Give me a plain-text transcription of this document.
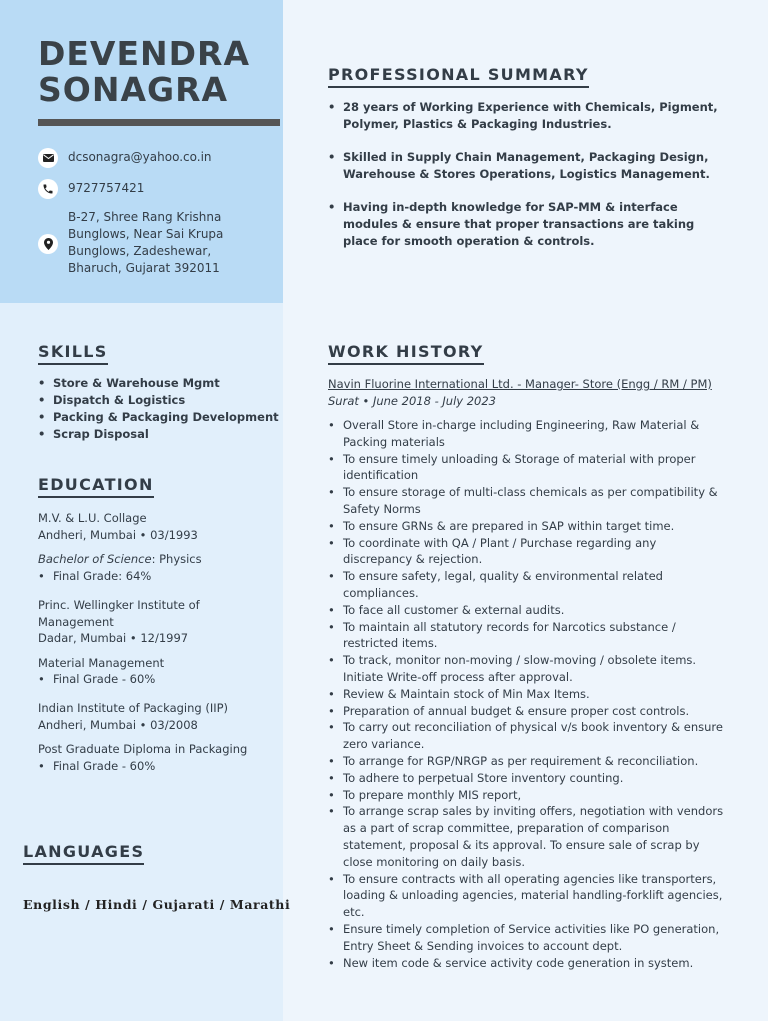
DEVENDRA
SONAGRA
dcsonagra@yahoo.co.in
9727757421
B-27, Shree Rang Krishna
Bunglows, Near Sai Krupa
Bunglows, Zadeshewar,
Bharuch, Gujarat 392011
PROFESSIONAL SUMMARY
• 28 years of Working Experience with Chemicals, Pigment, Polymer, Plastics & Packaging Industries.
• Skilled in Supply Chain Management, Packaging Design, Warehouse & Stores Operations, Logistics Management.
• Having in-depth knowledge for SAP-MM & interface modules & ensure that proper transactions are taking place for smooth operation & controls.
SKILLS
• Store & Warehouse Mgmt
• Dispatch & Logistics
• Packing & Packaging Development
• Scrap Disposal
EDUCATION
M.V. & L.U. Collage
Andheri, Mumbai • 03/1993
Bachelor of Science: Physics
• Final Grade: 64%
Princ. Wellingker Institute of Management
Dadar, Mumbai • 12/1997
Material Management
• Final Grade - 60%
Indian Institute of Packaging (IIP)
Andheri, Mumbai • 03/2008
Post Graduate Diploma in Packaging
• Final Grade - 60%
LANGUAGES
English / Hindi / Gujarati / Marathi
WORK HISTORY
Navin Fluorine International Ltd. - Manager- Store (Engg / RM / PM)
Surat • June 2018 - July 2023
• Overall Store in-charge including Engineering, Raw Material & Packing materials
• To ensure timely unloading & Storage of material with proper identification
• To ensure storage of multi-class chemicals as per compatibility & Safety Norms
• To ensure GRNs & are prepared in SAP within target time.
• To coordinate with QA / Plant / Purchase regarding any discrepancy & rejection.
• To ensure safety, legal, quality & environmental related compliances.
• To face all customer & external audits.
• To maintain all statutory records for Narcotics substance / restricted items.
• To track, monitor non-moving / slow-moving / obsolete items. Initiate Write-off process after approval.
• Review & Maintain stock of Min Max Items.
• Preparation of annual budget & ensure proper cost controls.
• To carry out reconciliation of physical v/s book inventory & ensure zero variance.
• To arrange for RGP/NRGP as per requirement & reconciliation.
• To adhere to perpetual Store inventory counting.
• To prepare monthly MIS report,
• To arrange scrap sales by inviting offers, negotiation with vendors as a part of scrap committee, preparation of comparison statement, proposal & its approval. To ensure sale of scrap by close monitoring on daily basis.
• To ensure contracts with all operating agencies like transporters, loading & unloading agencies, material handling-forklift agencies, etc.
• Ensure timely completion of Service activities like PO generation, Entry Sheet & Sending invoices to account dept.
• New item code & service activity code generation in system.
